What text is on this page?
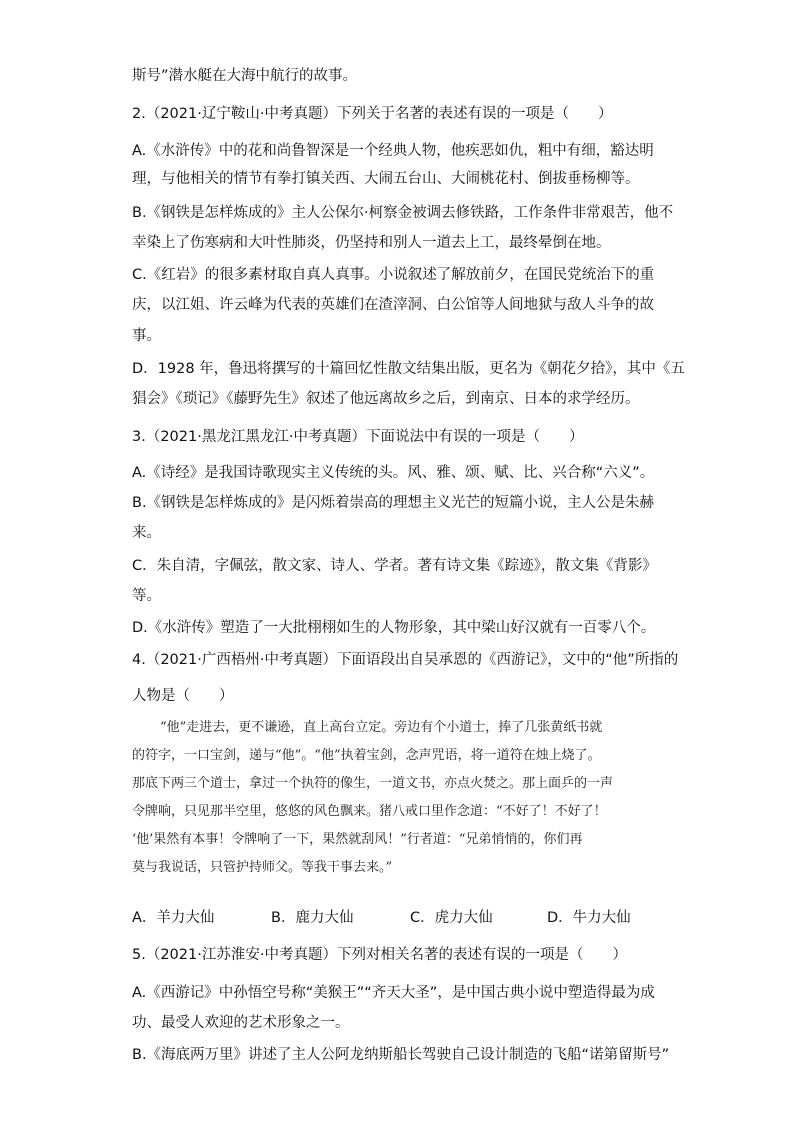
斯号”潜水艇在大海中航行的故事。
2.（2021·辽宁鞍山·中考真题）下列关于名著的表述有误的一项是（　　）
A.《水浒传》中的花和尚鲁智深是一个经典人物，他疾恶如仇，粗中有细，豁达明
理，与他相关的情节有拳打镇关西、大闹五台山、大闹桃花村、倒拔垂杨柳等。
B.《钢铁是怎样炼成的》主人公保尔·柯察金被调去修铁路，工作条件非常艰苦，他不
幸染上了伤寒病和大叶性肺炎，仍坚持和别人一道去上工，最终晕倒在地。
C.《红岩》的很多素材取自真人真事。小说叙述了解放前夕，在国民党统治下的重
庆，以江姐、许云峰为代表的英雄们在渣滓洞、白公馆等人间地狱与敌人斗争的故
事。
D．1928 年，鲁迅将撰写的十篇回忆性散文结集出版，更名为《朝花夕拾》，其中《五
猖会》《琐记》《藤野先生》叙述了他远离故乡之后，到南京、日本的求学经历。
3.（2021·黑龙江黑龙江·中考真题）下面说法中有误的一项是（　　）
A.《诗经》是我国诗歌现实主义传统的头。风、雅、颂、赋、比、兴合称“六义”。
B.《钢铁是怎样炼成的》是闪烁着崇高的理想主义光芒的短篇小说，主人公是朱赫
来。
C．朱自清，字佩弦，散文家、诗人、学者。著有诗文集《踪迹》，散文集《背影》
等。
D.《水浒传》塑造了一大批栩栩如生的人物形象，其中梁山好汉就有一百零八个。
4.（2021·广西梧州·中考真题）下面语段出自吴承恩的《西游记》，文中的“他”所指的
人物是（　　）
　　“他”走进去，更不谦逊，直上高台立定。旁边有个小道士，捧了几张黄纸书就
的符字，一口宝剑，递与“他”。“他”执着宝剑，念声咒语，将一道符在烛上烧了。
那底下两三个道士，拿过一个执符的像生，一道文书，亦点火焚之。那上面乒的一声
令牌响，只见那半空里，悠悠的风色飘来。猪八戒口里作念道：“不好了！不好了！
‘他’果然有本事！令牌响了一下，果然就刮风！”行者道：“兄弟悄悄的，你们再
莫与我说话，只管护持师父。等我干事去来。”
A．羊力大仙	B．鹿力大仙	C．虎力大仙	D．牛力大仙
5.（2021·江苏淮安·中考真题）下列对相关名著的表述有误的一项是（　　）
A.《西游记》中孙悟空号称“美猴王”“齐天大圣”，是中国古典小说中塑造得最为成
功、最受人欢迎的艺术形象之一。
B.《海底两万里》讲述了主人公阿龙纳斯船长驾驶自己设计制造的飞船“诺第留斯号”
